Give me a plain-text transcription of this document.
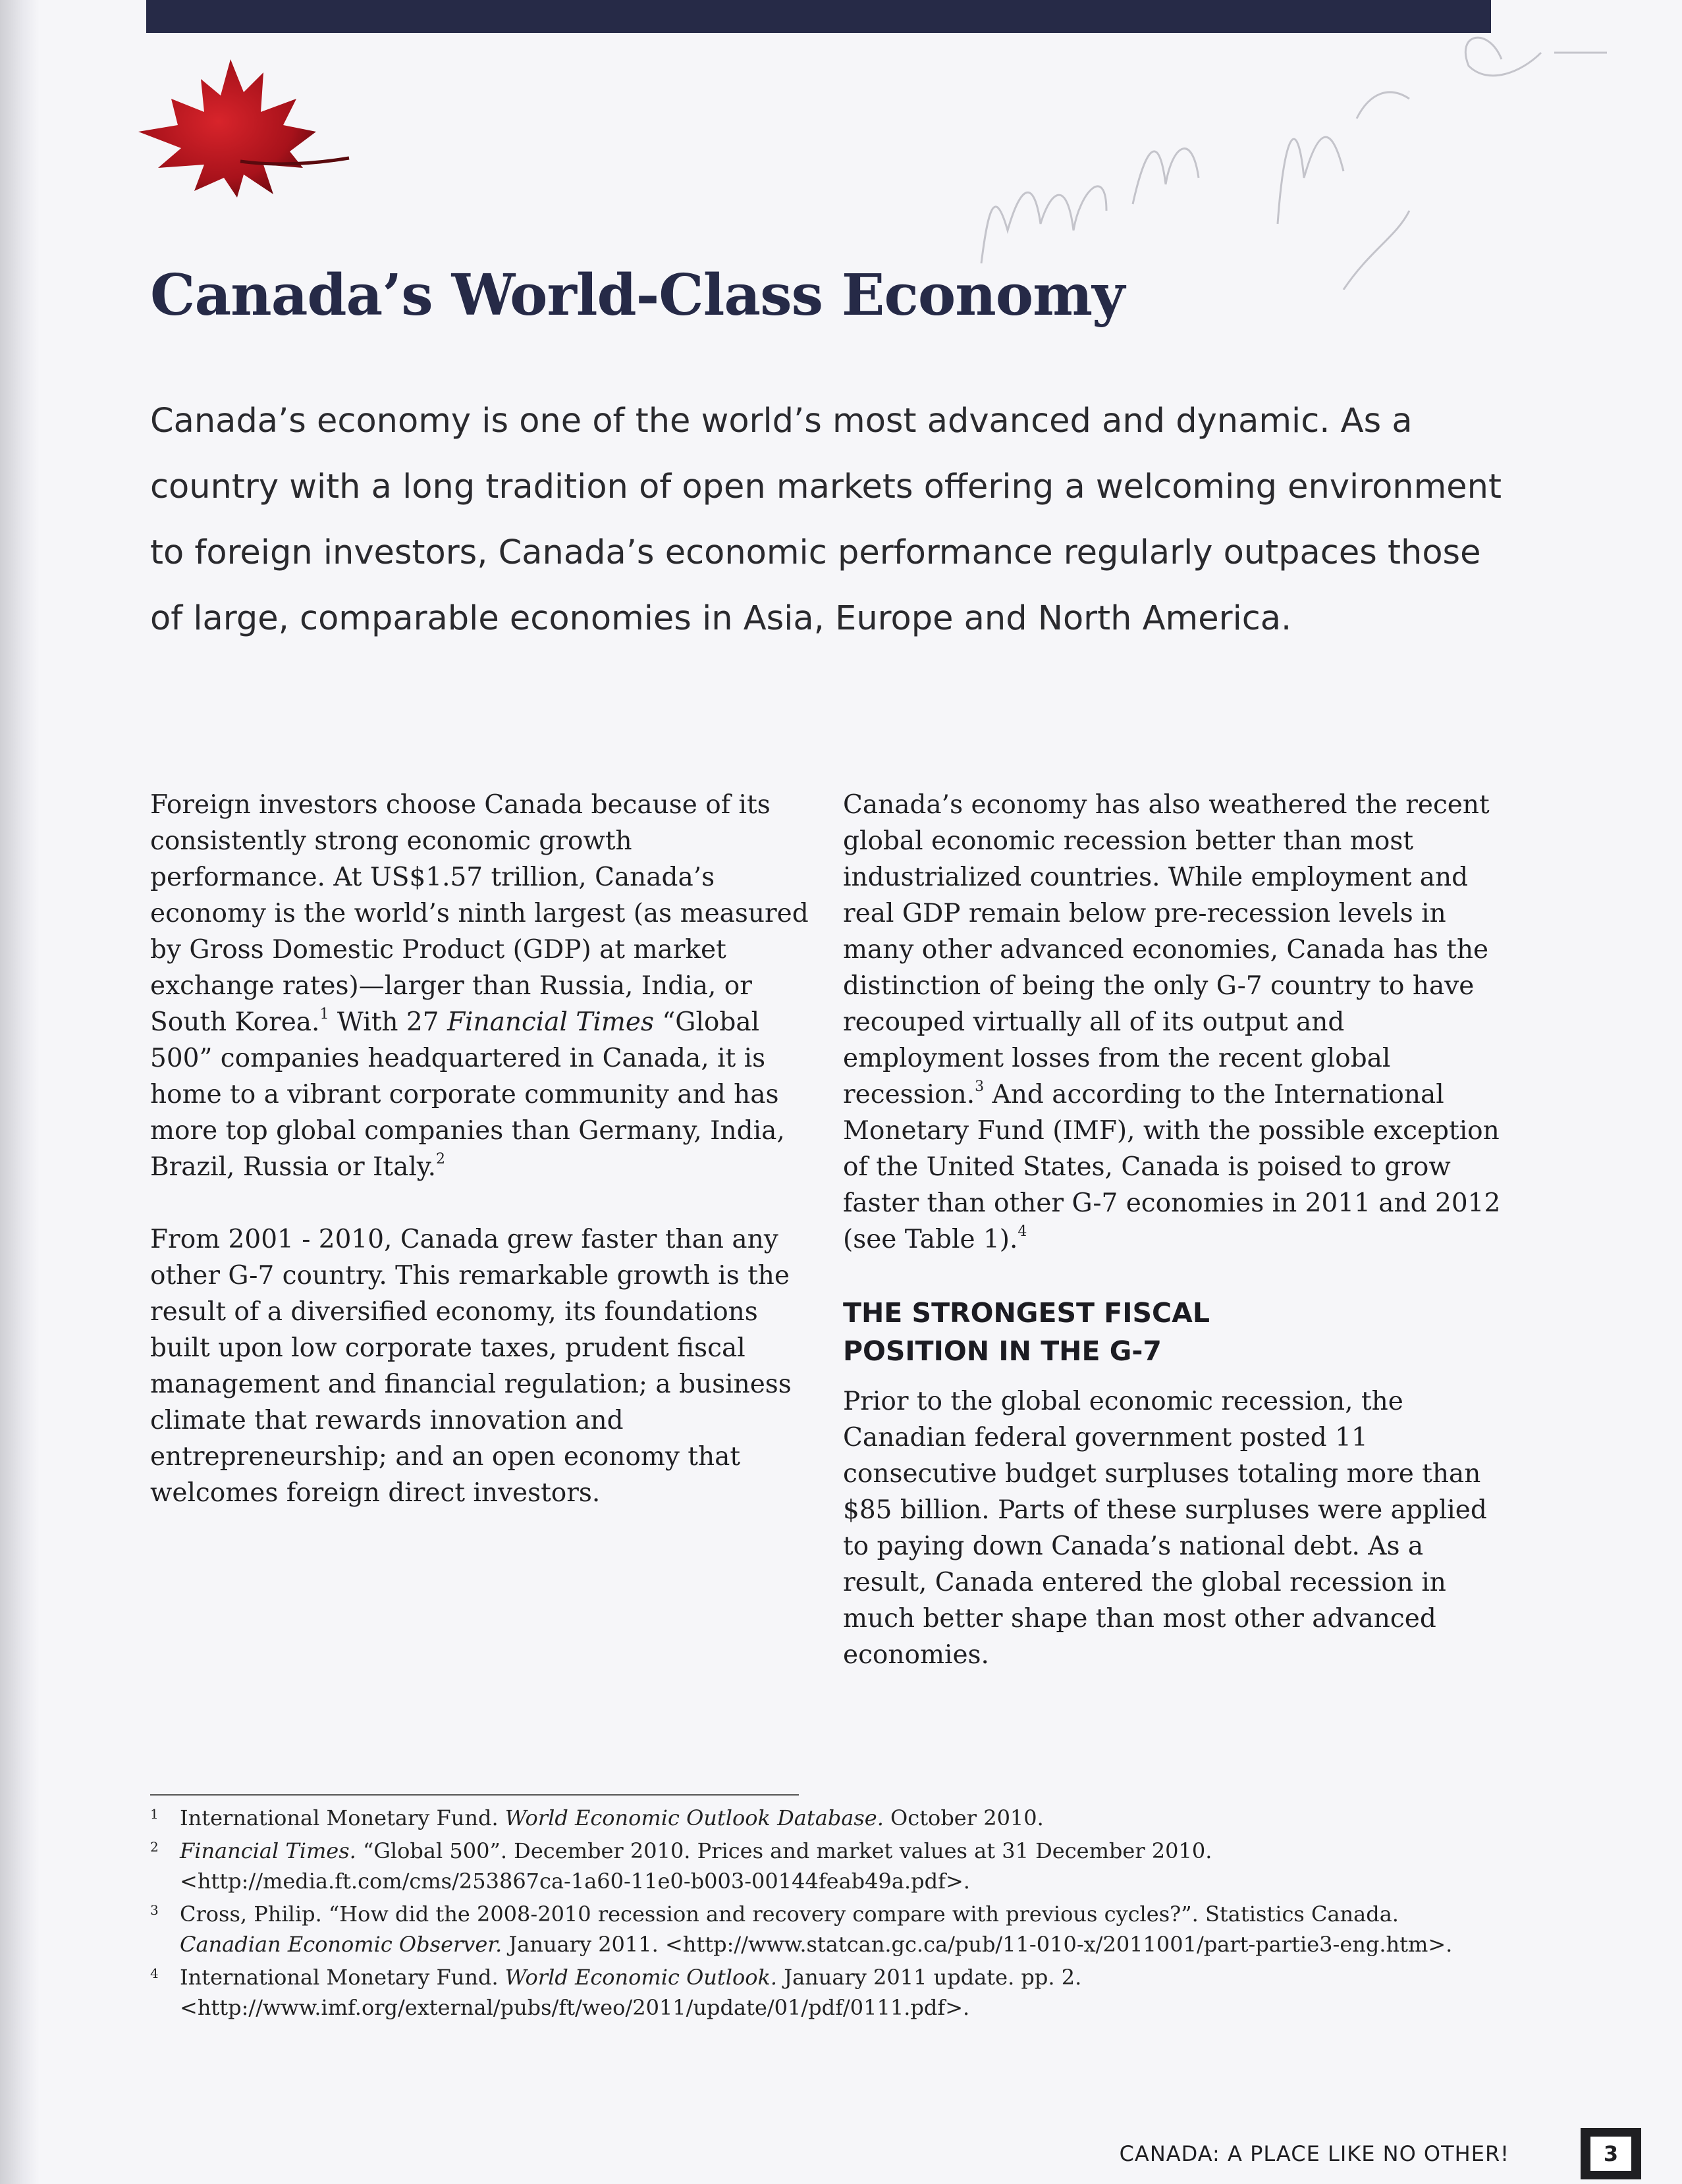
Canada’s World-Class Economy

Canada’s economy is one of the world’s most advanced and dynamic. As a country with a long tradition of open markets offering a welcoming environment to foreign investors, Canada’s economic performance regularly outpaces those of large, comparable economies in Asia, Europe and North America.

Foreign investors choose Canada because of its consistently strong economic growth performance. At US$1.57 trillion, Canada’s economy is the world’s ninth largest (as measured by Gross Domestic Product (GDP) at market exchange rates)—larger than Russia, India, or South Korea.$^1$ With 27 Financial Times “Global 500” companies headquartered in Canada, it is home to a vibrant corporate community and has more top global companies than Germany, India, Brazil, Russia or Italy.$^2$

From 2001 - 2010, Canada grew faster than any other G-7 country. This remarkable growth is the result of a diversified economy, its foundations built upon low corporate taxes, prudent fiscal management and financial regulation; a business climate that rewards innovation and entrepreneurship; and an open economy that welcomes foreign direct investors.

Canada’s economy has also weathered the recent global economic recession better than most industrialized countries. While employment and real GDP remain below pre-recession levels in many other advanced economies, Canada has the distinction of being the only G-7 country to have recouped virtually all of its output and employment losses from the recent global recession.$^3$ And according to the International Monetary Fund (IMF), with the possible exception of the United States, Canada is poised to grow faster than other G-7 economies in 2011 and 2012 (see Table 1).$^4$

THE STRONGEST FISCAL
POSITION IN THE G-7

Prior to the global economic recession, the Canadian federal government posted 11 consecutive budget surpluses totaling more than $85 billion. Parts of these surpluses were applied to paying down Canada’s national debt. As a result, Canada entered the global recession in much better shape than most other advanced economies.

1 International Monetary Fund. World Economic Outlook Database. October 2010.
2 Financial Times. “Global 500”. December 2010. Prices and market values at 31 December 2010.
<http://media.ft.com/cms/253867ca-1a60-11e0-b003-00144feab49a.pdf>.
3 Cross, Philip. “How did the 2008-2010 recession and recovery compare with previous cycles?”. Statistics Canada.
Canadian Economic Observer. January 2011. <http://www.statcan.gc.ca/pub/11-010-x/2011001/part-partie3-eng.htm>.
4 International Monetary Fund. World Economic Outlook. January 2011 update. pp. 2.
<http://www.imf.org/external/pubs/ft/weo/2011/update/01/pdf/0111.pdf>.
CANADA: A PLACE LIKE NO OTHER!	3
